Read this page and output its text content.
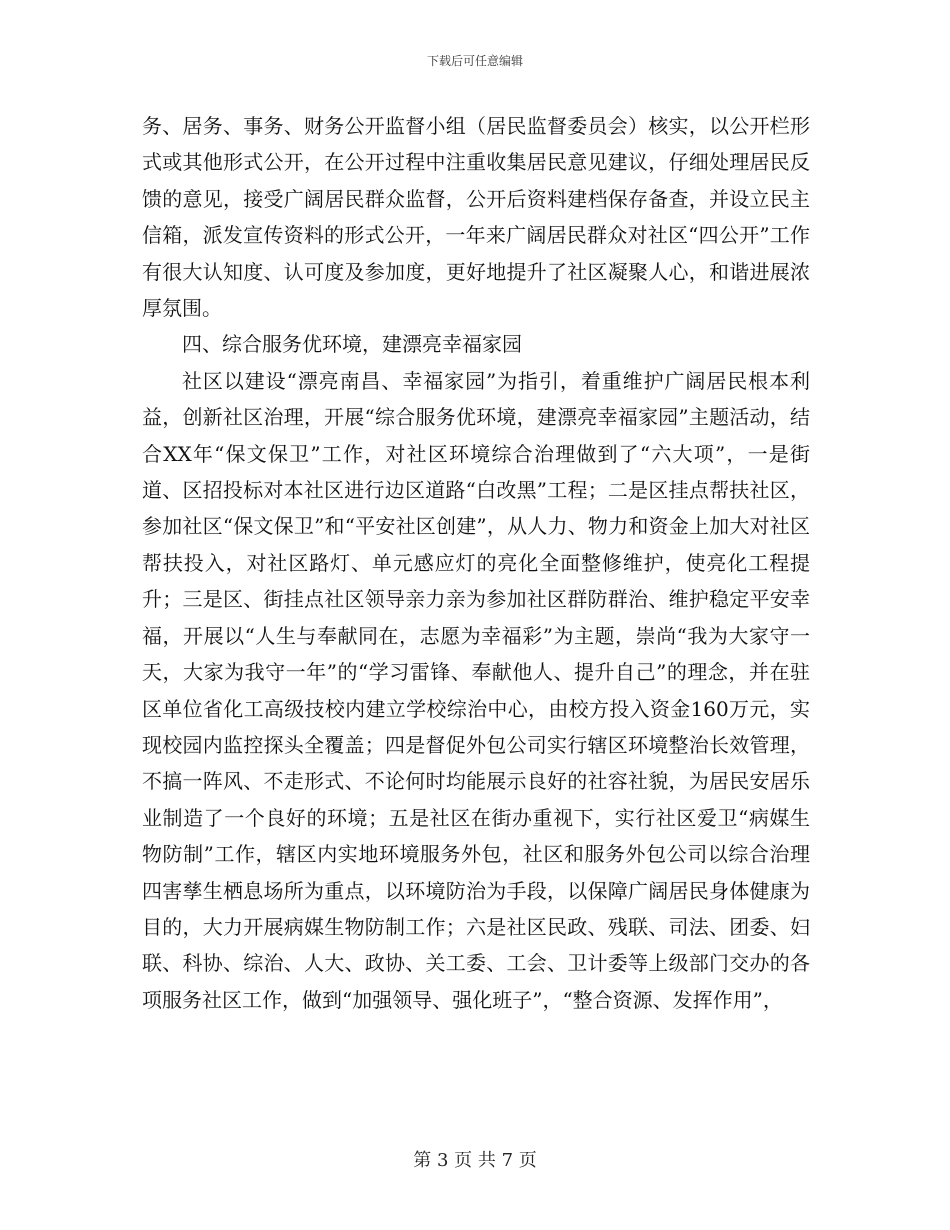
下载后可任意编辑

务、居务、事务、财务公开监督小组（居民监督委员会）核实，以公开栏形式或其他形式公开，在公开过程中注重收集居民意见建议，仔细处理居民反馈的意见，接受广阔居民群众监督，公开后资料建档保存备查，并设立民主信箱，派发宣传资料的形式公开，一年来广阔居民群众对社区“四公开”工作有很大认知度、认可度及参加度，更好地提升了社区凝聚人心，和谐进展浓厚氛围。

四、综合服务优环境，建漂亮幸福家园

社区以建设“漂亮南昌、幸福家园”为指引，着重维护广阔居民根本利益，创新社区治理，开展“综合服务优环境，建漂亮幸福家园”主题活动，结合XX年“保文保卫”工作，对社区环境综合治理做到了“六大项”，一是街道、区招投标对本社区进行边区道路“白改黑”工程；二是区挂点帮扶社区，参加社区“保文保卫”和“平安社区创建”，从人力、物力和资金上加大对社区帮扶投入，对社区路灯、单元感应灯的亮化全面整修维护，使亮化工程提升；三是区、街挂点社区领导亲力亲为参加社区群防群治、维护稳定平安幸福，开展以“人生与奉献同在，志愿为幸福彩”为主题，崇尚“我为大家守一天，大家为我守一年”的“学习雷锋、奉献他人、提升自己”的理念，并在驻区单位省化工高级技校内建立学校综治中心，由校方投入资金160万元，实现校园内监控探头全覆盖；四是督促外包公司实行辖区环境整治长效管理，不搞一阵风、不走形式、不论何时均能展示良好的社容社貌，为居民安居乐业制造了一个良好的环境；五是社区在街办重视下，实行社区爱卫“病媒生物防制”工作，辖区内实地环境服务外包，社区和服务外包公司以综合治理四害孳生栖息场所为重点，以环境防治为手段，以保障广阔居民身体健康为目的，大力开展病媒生物防制工作；六是社区民政、残联、司法、团委、妇联、科协、综治、人大、政协、关工委、工会、卫计委等上级部门交办的各项服务社区工作，做到“加强领导、强化班子”，“整合资源、发挥作用”，

第 3 页 共 7 页
